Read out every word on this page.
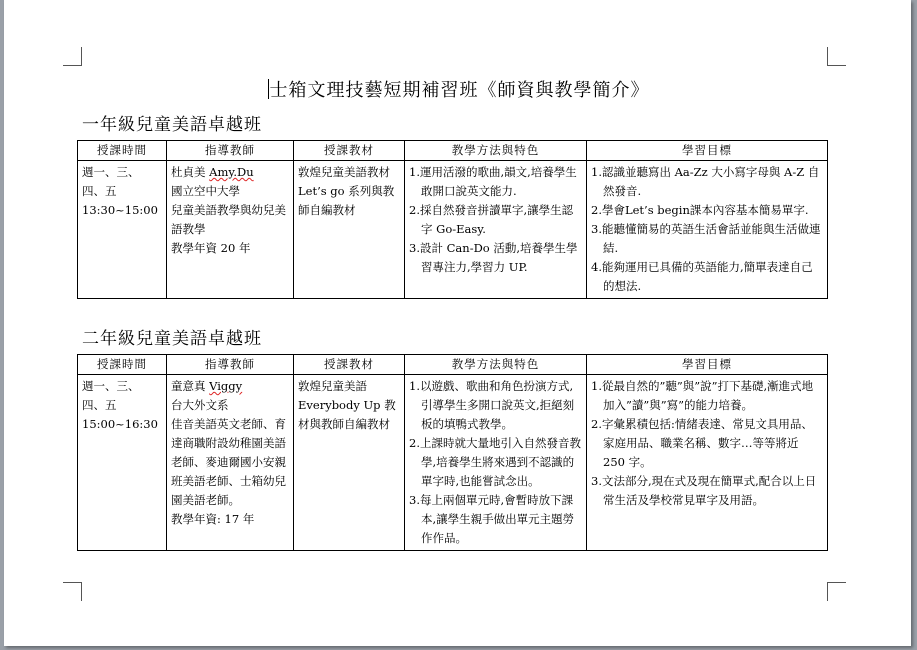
士箱文理技藝短期補習班《師資與教學簡介》
一年級兒童美語卓越班
授課時間	指導教師	授課教材	教學方法與特色	學習目標

週一、三、
四、五
13:30~15:00	杜貞美 Amy.Du
國立空中大學
兒童美語教學與幼兒美語教學
教學年資 20 年	敦煌兒童美語教材 Let’s go 系列與教師自編教材	1.運用活潑的歌曲,韻文,培養學生敢開口說英文能力.
2.採自然發音拼讀單字,讓學生認字 Go-Easy.
3.設計 Can-Do 活動,培養學生學習專注力,學習力 UP.	1.認識並聽寫出 Aa-Zz 大小寫字母與 A-Z 自然發音.
2.學會Let’s begin課本內容基本簡易單字.
3.能聽懂簡易的英語生活會話並能與生活做連結.
4.能夠運用已具備的英語能力,簡單表達自己的想法.
二年級兒童美語卓越班
授課時間	指導教師	授課教材	教學方法與特色	學習目標

週一、三、
四、五
15:00~16:30	童意真 Viggy
台大外文系
佳音美語英文老師、育達商職附設幼稚園美語老師、麥迪爾國小安親班美語老師、士箱幼兒園美語老師。
教學年資: 17 年	敦煌兒童美語 Everybody Up 教材與教師自編教材	1.以遊戲、歌曲和角色扮演方式,引導學生多開口說英文,拒絕刻板的填鴨式教學。
2.上課時就大量地引入自然發音教學,培養學生將來遇到不認識的單字時,也能嘗試念出。
3.每上兩個單元時,會暫時放下課本,讓學生親手做出單元主題勞作作品。	1.從最自然的”聽”與”說”打下基礎,漸進式地加入”讀”與”寫”的能力培養。
2.字彙累積包括:情緒表達、常見文具用品、家庭用品、職業名稱、數字…等等將近 250 字。
3.文法部分,現在式及現在簡單式,配合以上日常生活及學校常見單字及用語。
